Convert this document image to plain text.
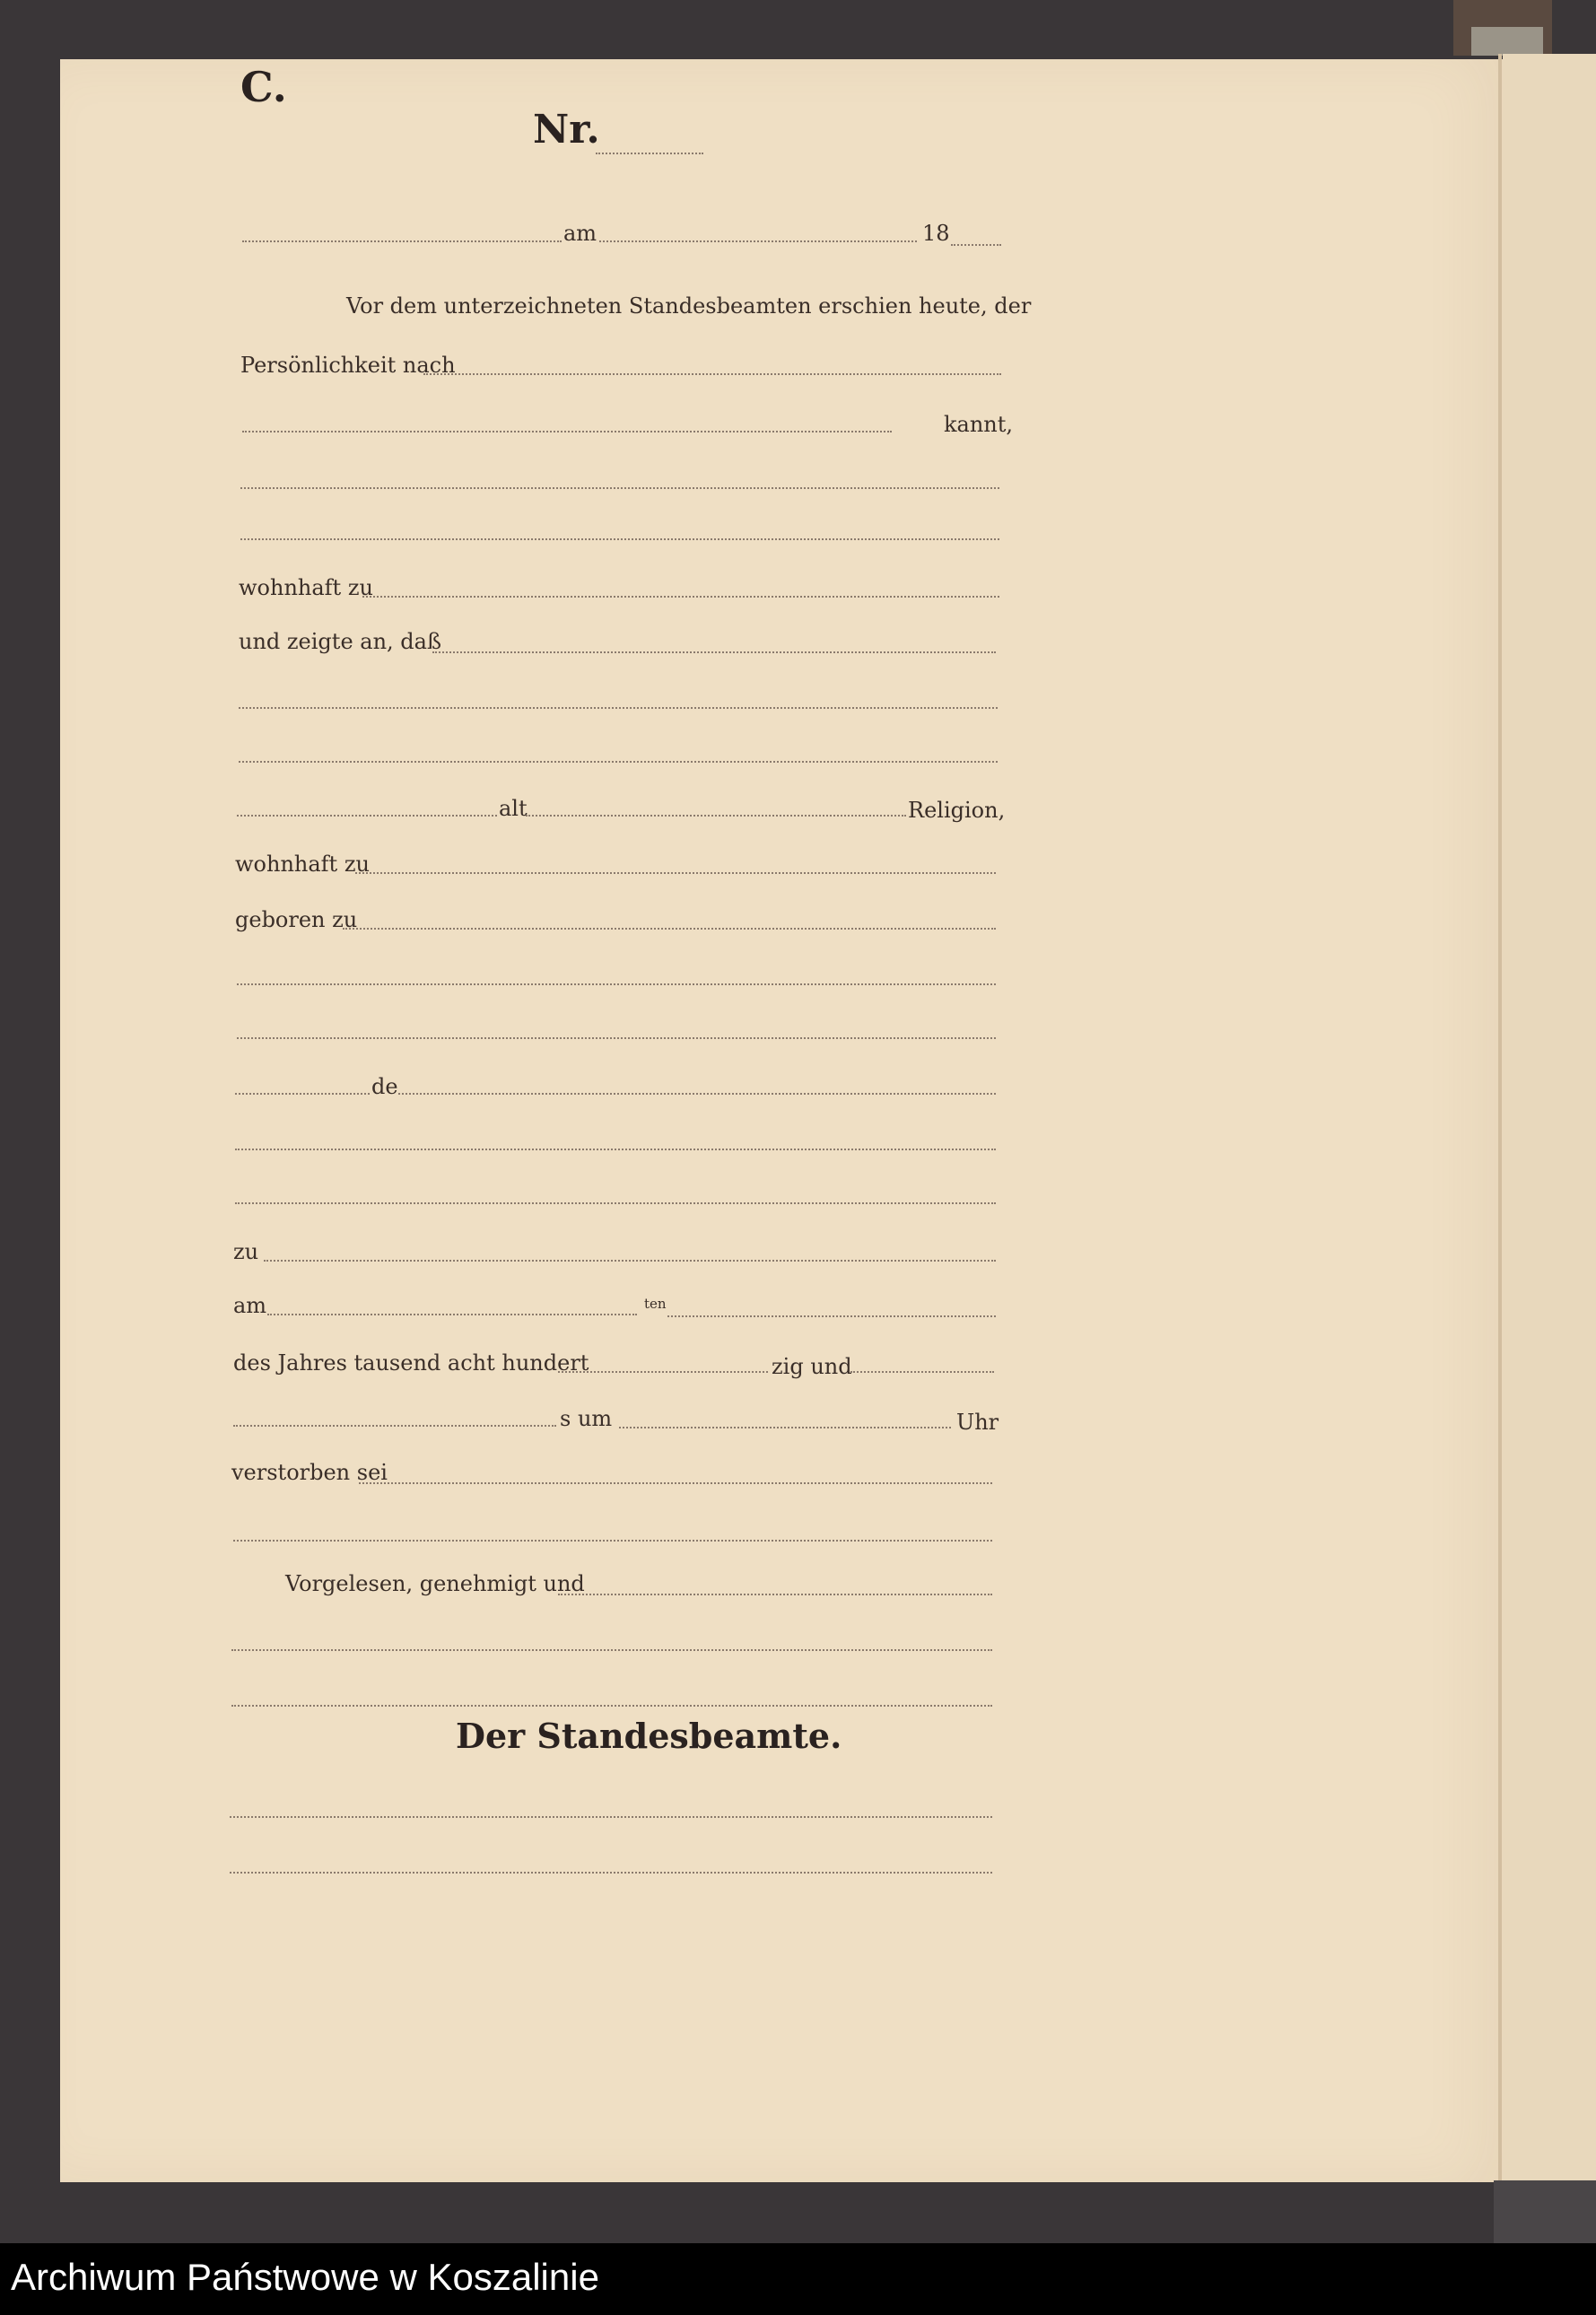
C.
Nr.
am	18
Vor dem unterzeichneten Standesbeamten erschien heute, der
Persönlichkeit nach
kannt,
wohnhaft zu
und zeigte an, daß
alt	Religion,
wohnhaft zu
geboren zu
de
zu
am	ten
des Jahres tausend acht hundert	zig und
s um	Uhr
verstorben sei
Vorgelesen, genehmigt und
Der Standesbeamte.
Archiwum Państwowe w Koszalinie
